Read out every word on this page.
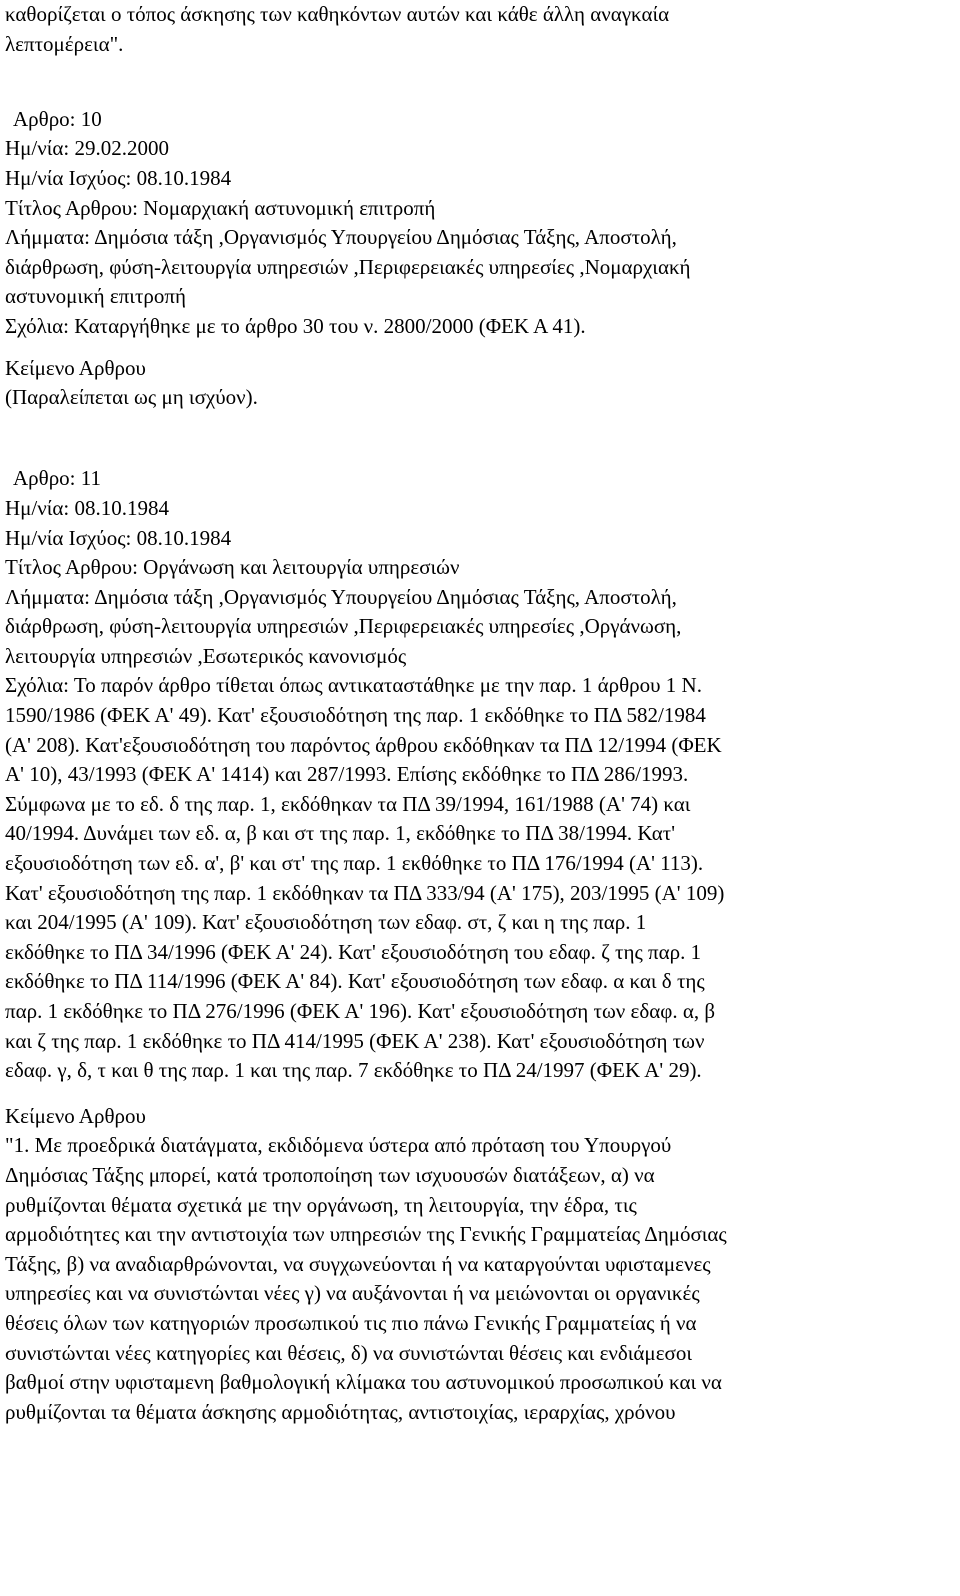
καθορίζεται ο τόπος άσκησης των καθηκόντων αυτών και κάθε άλλη αναγκαία
λεπτομέρεια".
Αρθρο: 10
Ημ/νία: 29.02.2000
Ημ/νία Ισχύος: 08.10.1984
Τίτλος Αρθρου: Νομαρχιακή αστυνομική επιτροπή
Λήμματα: Δημόσια τάξη ,Οργανισμός Υπουργείου Δημόσιας Τάξης, Αποστολή,
διάρθρωση, φύση-λειτουργία υπηρεσιών ,Περιφερειακές υπηρεσίες ,Νομαρχιακή
αστυνομική επιτροπή
Σχόλια: Καταργήθηκε με το άρθρο 30 του ν. 2800/2000 (ΦΕΚ Α 41).
Κείμενο Αρθρου
(Παραλείπεται ως μη ισχύον).
Αρθρο: 11
Ημ/νία: 08.10.1984
Ημ/νία Ισχύος: 08.10.1984
Τίτλος Αρθρου: Οργάνωση και λειτουργία υπηρεσιών
Λήμματα: Δημόσια τάξη ,Οργανισμός Υπουργείου Δημόσιας Τάξης, Αποστολή,
διάρθρωση, φύση-λειτουργία υπηρεσιών ,Περιφερειακές υπηρεσίες ,Οργάνωση,
λειτουργία υπηρεσιών ,Εσωτερικός κανονισμός
Σχόλια: Το παρόν άρθρο τίθεται όπως αντικαταστάθηκε με την παρ. 1 άρθρου 1 Ν.
1590/1986 (ΦΕΚ Α' 49). Κατ' εξουσιοδότηση της παρ. 1 εκδόθηκε το ΠΔ 582/1984
(Α' 208). Κατ'εξουσιοδότηση του παρόντος άρθρου εκδόθηκαν τα ΠΔ 12/1994 (ΦΕΚ
Α' 10), 43/1993 (ΦΕΚ Α' 1414) και 287/1993. Επίσης εκδόθηκε το ΠΔ 286/1993.
Σύμφωνα με το εδ. δ της παρ. 1, εκδόθηκαν τα ΠΔ 39/1994, 161/1988 (Α' 74) και
40/1994. Δυνάμει των εδ. α, β και στ της παρ. 1, εκδόθηκε το ΠΔ 38/1994. Κατ'
εξουσιοδότηση των εδ. α', β' και στ' της παρ. 1 εκθόθηκε το ΠΔ 176/1994 (Α' 113).
Κατ' εξουσιοδότηση της παρ. 1 εκδόθηκαν τα ΠΔ 333/94 (Α' 175), 203/1995 (Α' 109)
και 204/1995 (Α' 109). Κατ' εξουσιοδότηση των εδαφ. στ, ζ και η της παρ. 1
εκδόθηκε το ΠΔ 34/1996 (ΦΕΚ Α' 24). Κατ' εξουσιοδότηση του εδαφ. ζ της παρ. 1
εκδόθηκε το ΠΔ 114/1996 (ΦΕΚ Α' 84). Κατ' εξουσιοδότηση των εδαφ. α και δ της
παρ. 1 εκδόθηκε το ΠΔ 276/1996 (ΦΕΚ Α' 196). Κατ' εξουσιοδότηση των εδαφ. α, β
και ζ της παρ. 1 εκδόθηκε το ΠΔ 414/1995 (ΦΕΚ Α' 238). Κατ' εξουσιοδότηση των
εδαφ. γ, δ, τ και θ της παρ. 1 και της παρ. 7 εκδόθηκε το ΠΔ 24/1997 (ΦΕΚ Α' 29).
Κείμενο Αρθρου
"1. Με προεδρικά διατάγματα, εκδιδόμενα ύστερα από πρόταση του Υπουργού
Δημόσιας Τάξης μπορεί, κατά τροποποίηση των ισχυουσών διατάξεων, α) να
ρυθμίζονται θέματα σχετικά με την οργάνωση, τη λειτουργία, την έδρα, τις
αρμοδιότητες και την αντιστοιχία των υπηρεσιών της Γενικής Γραμματείας Δημόσιας
Τάξης, β) να αναδιαρθρώνονται, να συγχωνεύονται ή να καταργούνται υφισταμενες
υπηρεσίες και να συνιστώνται νέες γ) να αυξάνονται ή να μειώνονται οι οργανικές
θέσεις όλων των κατηγοριών προσωπικού τις πιο πάνω Γενικής Γραμματείας ή να
συνιστώνται νέες κατηγορίες και θέσεις, δ) να συνιστώνται θέσεις και ενδιάμεσοι
βαθμοί στην υφισταμενη βαθμολογική κλίμακα του αστυνομικού προσωπικού και να
ρυθμίζονται τα θέματα άσκησης αρμοδιότητας, αντιστοιχίας, ιεραρχίας, χρόνου
